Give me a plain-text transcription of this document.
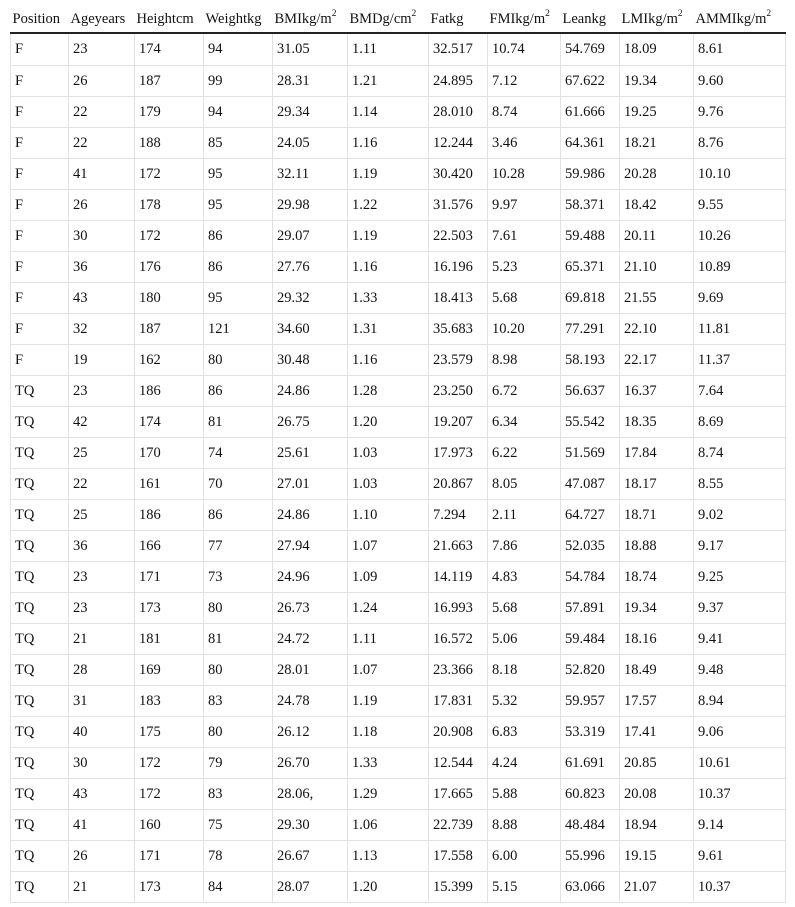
Position	Ageyears	Heightcm	Weightkg	BMIkg/$m^2$	BMDg/$cm^2$	Fatkg	FMIkg/$m^2$	Leankg	LMIkg/$m^2$	AMMIkg/$m^2$
F	23	174	94	31.05	1.11	32.517	10.74	54.769	18.09	8.61
F	26	187	99	28.31	1.21	24.895	7.12	67.622	19.34	9.60
F	22	179	94	29.34	1.14	28.010	8.74	61.666	19.25	9.76
F	22	188	85	24.05	1.16	12.244	3.46	64.361	18.21	8.76
F	41	172	95	32.11	1.19	30.420	10.28	59.986	20.28	10.10
F	26	178	95	29.98	1.22	31.576	9.97	58.371	18.42	9.55
F	30	172	86	29.07	1.19	22.503	7.61	59.488	20.11	10.26
F	36	176	86	27.76	1.16	16.196	5.23	65.371	21.10	10.89
F	43	180	95	29.32	1.33	18.413	5.68	69.818	21.55	9.69
F	32	187	121	34.60	1.31	35.683	10.20	77.291	22.10	11.81
F	19	162	80	30.48	1.16	23.579	8.98	58.193	22.17	11.37
TQ	23	186	86	24.86	1.28	23.250	6.72	56.637	16.37	7.64
TQ	42	174	81	26.75	1.20	19.207	6.34	55.542	18.35	8.69
TQ	25	170	74	25.61	1.03	17.973	6.22	51.569	17.84	8.74
TQ	22	161	70	27.01	1.03	20.867	8.05	47.087	18.17	8.55
TQ	25	186	86	24.86	1.10	7.294	2.11	64.727	18.71	9.02
TQ	36	166	77	27.94	1.07	21.663	7.86	52.035	18.88	9.17
TQ	23	171	73	24.96	1.09	14.119	4.83	54.784	18.74	9.25
TQ	23	173	80	26.73	1.24	16.993	5.68	57.891	19.34	9.37
TQ	21	181	81	24.72	1.11	16.572	5.06	59.484	18.16	9.41
TQ	28	169	80	28.01	1.07	23.366	8.18	52.820	18.49	9.48
TQ	31	183	83	24.78	1.19	17.831	5.32	59.957	17.57	8.94
TQ	40	175	80	26.12	1.18	20.908	6.83	53.319	17.41	9.06
TQ	30	172	79	26.70	1.33	12.544	4.24	61.691	20.85	10.61
TQ	43	172	83	28.06,	1.29	17.665	5.88	60.823	20.08	10.37
TQ	41	160	75	29.30	1.06	22.739	8.88	48.484	18.94	9.14
TQ	26	171	78	26.67	1.13	17.558	6.00	55.996	19.15	9.61
TQ	21	173	84	28.07	1.20	15.399	5.15	63.066	21.07	10.37
